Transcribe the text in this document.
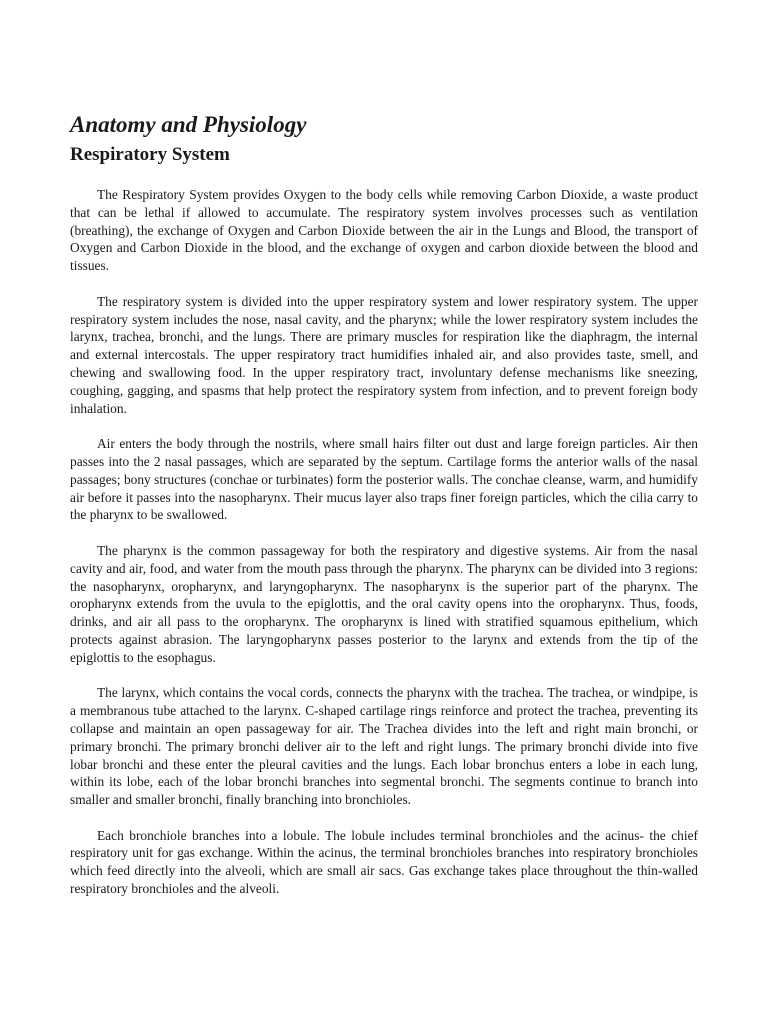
Anatomy and Physiology
Respiratory System

The Respiratory System provides Oxygen to the body cells while removing Carbon Dioxide, a waste product that can be lethal if allowed to accumulate. The respiratory system involves processes such as ventilation (breathing), the exchange of Oxygen and Carbon Dioxide between the air in the Lungs and Blood, the transport of Oxygen and Carbon Dioxide in the blood, and the exchange of oxygen and carbon dioxide between the blood and tissues.

The respiratory system is divided into the upper respiratory system and lower respiratory system. The upper respiratory system includes the nose, nasal cavity, and the pharynx; while the lower respiratory system includes the larynx, trachea, bronchi, and the lungs. There are primary muscles for respiration like the diaphragm, the internal and external intercostals. The upper respiratory tract humidifies inhaled air, and also provides taste, smell, and chewing and swallowing food. In the upper respiratory tract, involuntary defense mechanisms like sneezing, coughing, gagging, and spasms that help protect the respiratory system from infection, and to prevent foreign body inhalation.

Air enters the body through the nostrils, where small hairs filter out dust and large foreign particles. Air then passes into the 2 nasal passages, which are separated by the septum. Cartilage forms the anterior walls of the nasal passages; bony structures (conchae or turbinates) form the posterior walls. The conchae cleanse, warm, and humidify air before it passes into the nasopharynx. Their mucus layer also traps finer foreign particles, which the cilia carry to the pharynx to be swallowed.

The pharynx is the common passageway for both the respiratory and digestive systems. Air from the nasal cavity and air, food, and water from the mouth pass through the pharynx. The pharynx can be divided into 3 regions: the nasopharynx, oropharynx, and laryngopharynx. The nasopharynx is the superior part of the pharynx. The oropharynx extends from the uvula to the epiglottis, and the oral cavity opens into the oropharynx. Thus, foods, drinks, and air all pass to the oropharynx. The oropharynx is lined with stratified squamous epithelium, which protects against abrasion. The laryngopharynx passes posterior to the larynx and extends from the tip of the epiglottis to the esophagus.

The larynx, which contains the vocal cords, connects the pharynx with the trachea. The trachea, or windpipe, is a membranous tube attached to the larynx. C-shaped cartilage rings reinforce and protect the trachea, preventing its collapse and maintain an open passageway for air. The Trachea divides into the left and right main bronchi, or primary bronchi. The primary bronchi deliver air to the left and right lungs. The primary bronchi divide into five lobar bronchi and these enter the pleural cavities and the lungs. Each lobar bronchus enters a lobe in each lung, within its lobe, each of the lobar bronchi branches into segmental bronchi. The segments continue to branch into smaller and smaller bronchi, finally branching into bronchioles.

Each bronchiole branches into a lobule. The lobule includes terminal bronchioles and the acinus- the chief respiratory unit for gas exchange. Within the acinus, the terminal bronchioles branches into respiratory bronchioles which feed directly into the alveoli, which are small air sacs. Gas exchange takes place throughout the thin-walled respiratory bronchioles and the alveoli.
